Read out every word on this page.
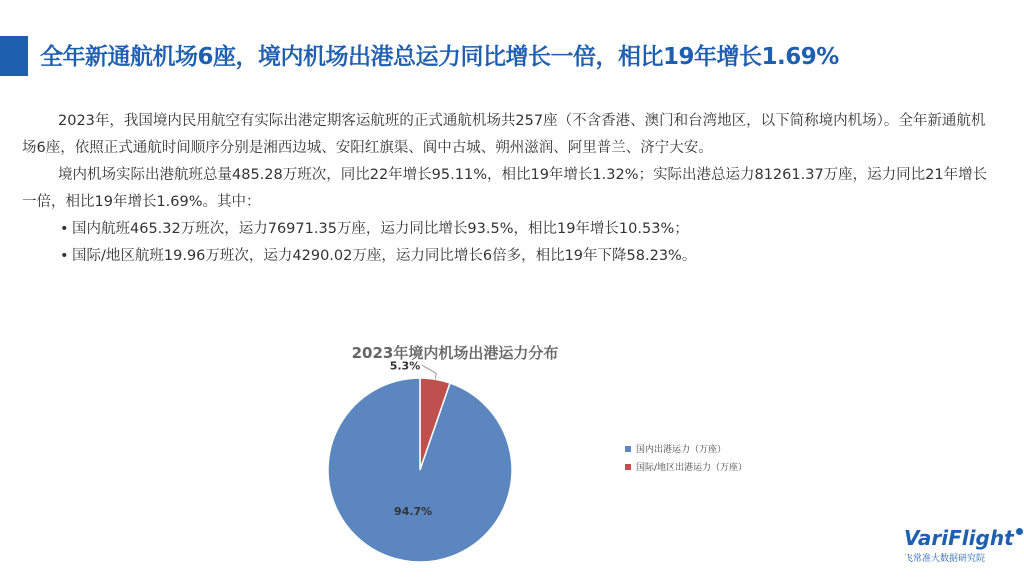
全年新通航机场6座，境内机场出港总运力同比增长一倍，相比19年增长1.69%

2023年，我国境内民用航空有实际出港定期客运航班的正式通航机场共257座（不含香港、澳门和台湾地区，以下简称境内机场）。全年新通航机场6座，依照正式通航时间顺序分别是湘西边城、安阳红旗渠、阆中古城、朔州滋润、阿里普兰、济宁大安。

境内机场实际出港航班总量485.28万班次，同比22年增长95.11%，相比19年增长1.32%；实际出港总运力81261.37万座，运力同比21年增长一倍，相比19年增长1.69%。其中：

• 国内航班465.32万班次，运力76971.35万座，运力同比增长93.5%，相比19年增长10.53%；

• 国际/地区航班19.96万班次，运力4290.02万座，运力同比增长6倍多，相比19年下降58.23%。

2023年境内机场出港运力分布
5.3%
94.7%
国内出港运力（万座）
国际/地区出港运力（万座）
VariFlight
飞常准大数据研究院
